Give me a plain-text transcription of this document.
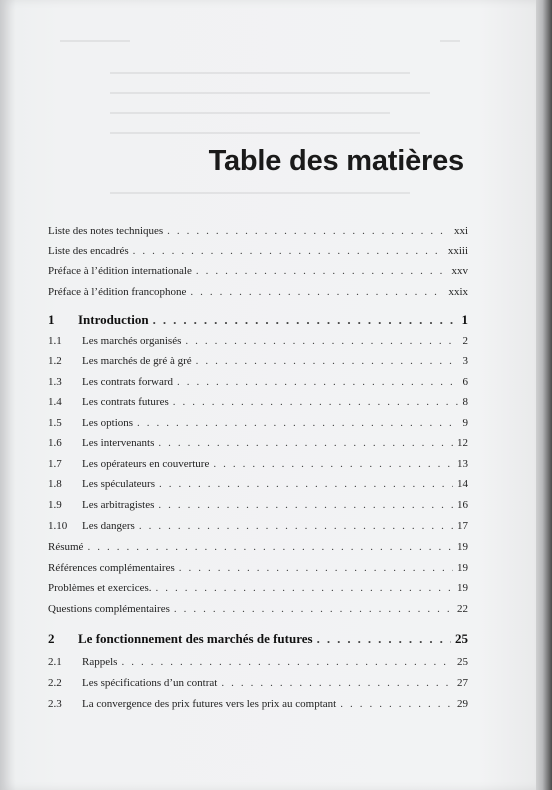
Table des matières
Liste des notes techniques .....	xxi
Liste des encadrés .....	xxiii
Préface à l’édition internationale .....	xxv
Préface à l’édition francophone .....	xxix
1	Introduction .....	1
1.1	Les marchés organisés .....	2
1.2	Les marchés de gré à gré .....	3
1.3	Les contrats forward .....	6
1.4	Les contrats futures .....	8
1.5	Les options .....	9
1.6	Les intervenants .....	12
1.7	Les opérateurs en couverture .....	13
1.8	Les spéculateurs .....	14
1.9	Les arbitragistes .....	16
1.10	Les dangers .....	17
Résumé .....	19
Références complémentaires .....	19
Problèmes et exercices. .....	19
Questions complémentaires .....	22
2	Le fonctionnement des marchés de futures .....	25
2.1	Rappels .....	25
2.2	Les spécifications d’un contrat .....	27
2.3	La convergence des prix futures vers les prix au comptant .....	29
